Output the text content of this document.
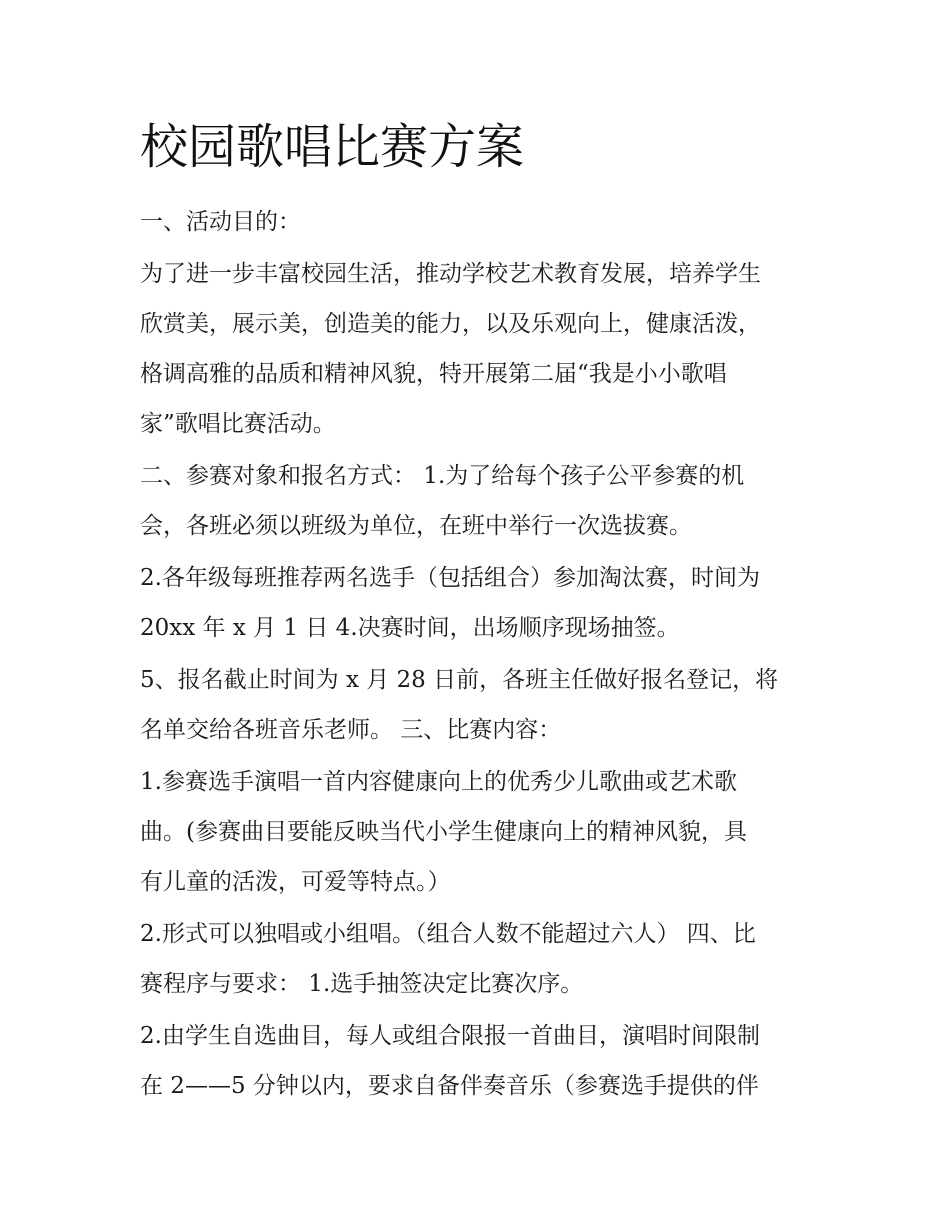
校园歌唱比赛方案
一、活动目的：
为了进一步丰富校园生活，推动学校艺术教育发展，培养学生
欣赏美，展示美，创造美的能力，以及乐观向上，健康活泼，
格调高雅的品质和精神风貌，特开展第二届“我是小小歌唱
家”歌唱比赛活动。
二、参赛对象和报名方式： 1.为了给每个孩子公平参赛的机
会，各班必须以班级为单位，在班中举行一次选拔赛。
2.各年级每班推荐两名选手（包括组合）参加淘汰赛，时间为
20xx 年 x 月 1 日 4.决赛时间，出场顺序现场抽签。
5、报名截止时间为 x 月 28 日前，各班主任做好报名登记，将
名单交给各班音乐老师。 三、比赛内容：
1.参赛选手演唱一首内容健康向上的优秀少儿歌曲或艺术歌
曲。(参赛曲目要能反映当代小学生健康向上的精神风貌，具
有儿童的活泼，可爱等特点。）
2.形式可以独唱或小组唱。（组合人数不能超过六人） 四、比
赛程序与要求： 1.选手抽签决定比赛次序。
2.由学生自选曲目，每人或组合限报一首曲目，演唱时间限制
在 2——5 分钟以内，要求自备伴奏音乐（参赛选手提供的伴
